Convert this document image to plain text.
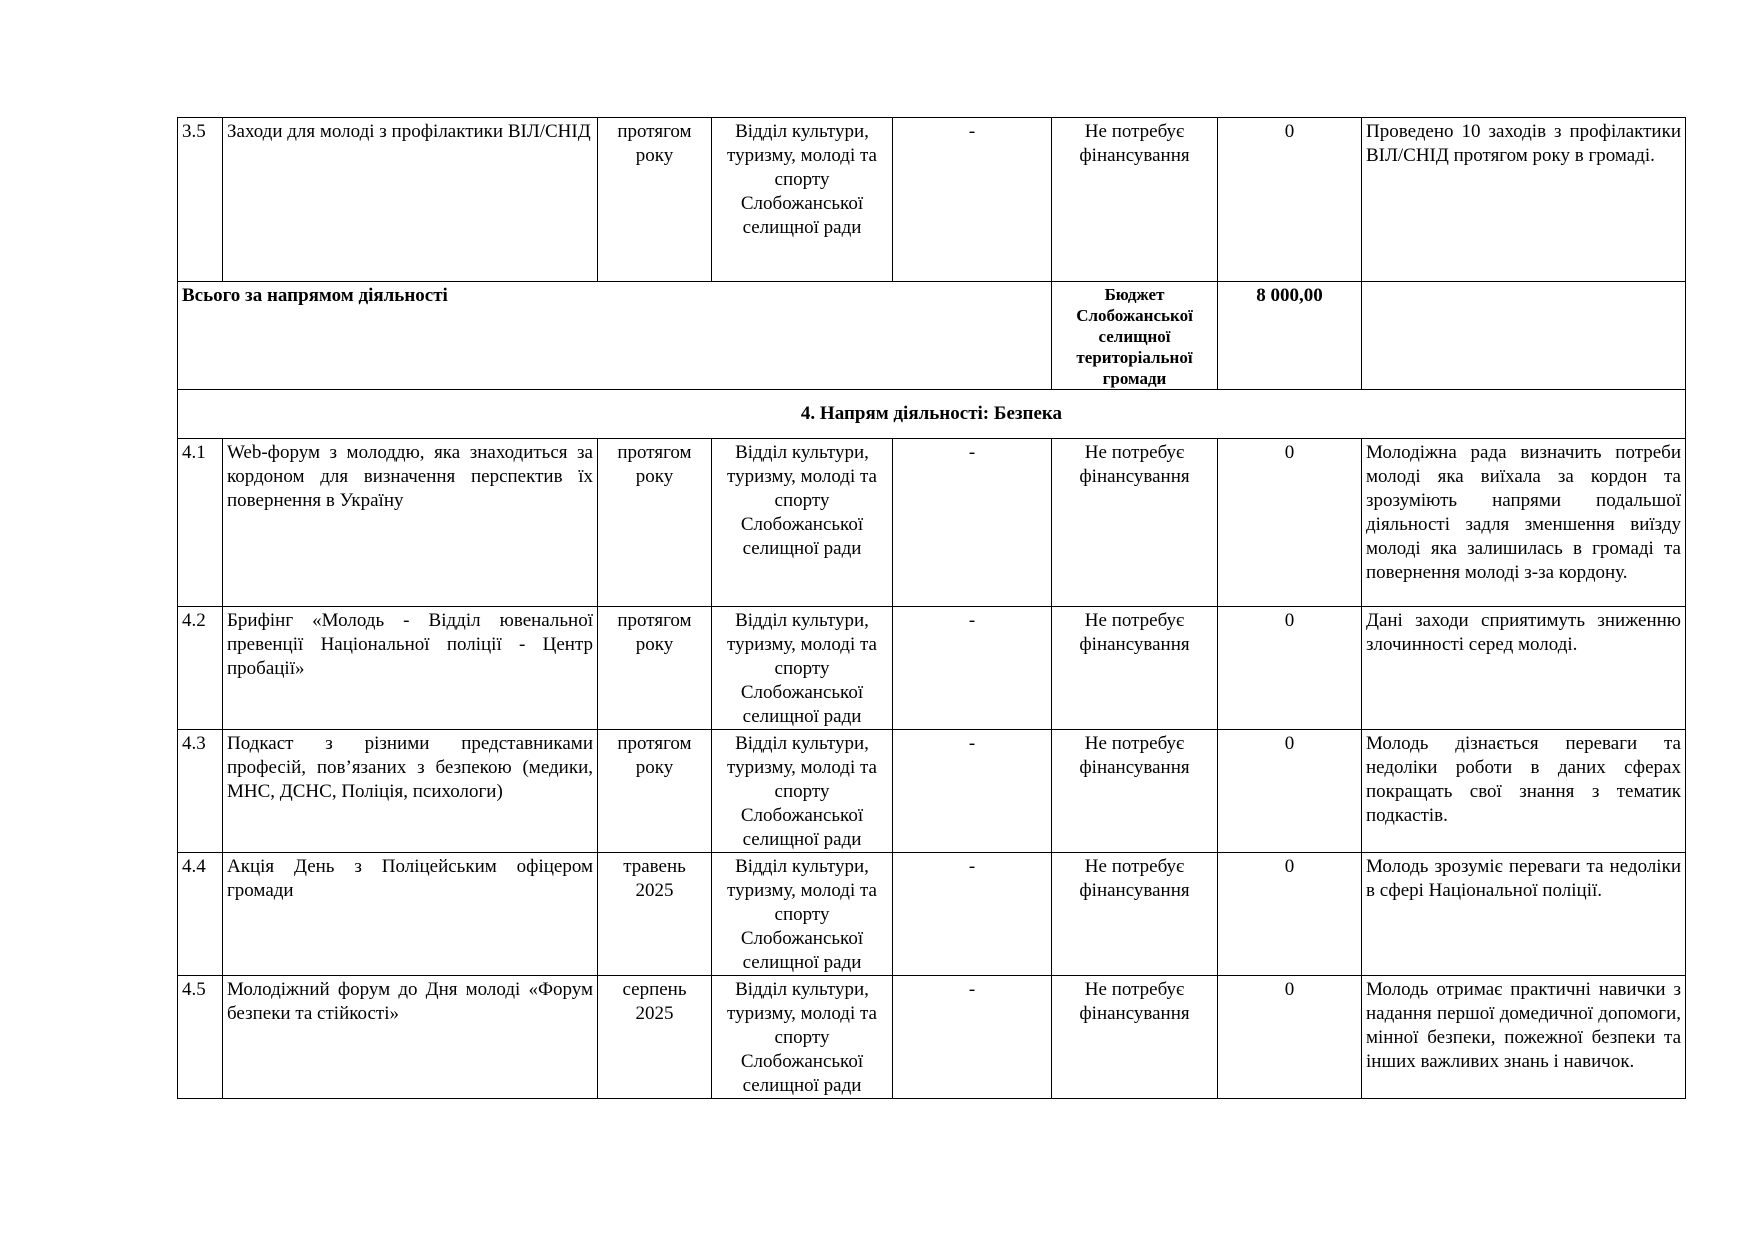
3.5	Заходи для молоді з профілактики ВІЛ/СНІД	протягом року	Відділ культури, туризму, молоді та спорту Слобожанської селищної ради	-	Не потребує фінансування	0	Проведено 10 заходів з профілактики ВІЛ/СНІД протягом року в громаді.
Всього за напрямом діяльності					Бюджет Слобожанської селищної територіальної громади	8 000,00	
4. Напрям діяльності: Безпека							
4.1	Web-форум з молоддю, яка знаходиться за кордоном для визначення перспектив їх повернення в Україну	протягом року	Відділ культури, туризму, молоді та спорту Слобожанської селищної ради	-	Не потребує фінансування	0	Молодіжна рада визначить потреби молоді яка виїхала за кордон та зрозуміють напрями подальшої діяльності задля зменшення виїзду молоді яка залишилась в громаді та повернення молоді з-за кордону.
4.2	Брифінг «Молодь - Відділ ювенальної превенції Національної поліції - Центр пробації»	протягом року	Відділ культури, туризму, молоді та спорту Слобожанської селищної ради	-	Не потребує фінансування	0	Дані заходи сприятимуть зниженню злочинності серед молоді.
4.3	Подкаст з різними представниками професій, пов’язаних з безпекою (медики, МНС, ДСНС, Поліція, психологи)	протягом року	Відділ культури, туризму, молоді та спорту Слобожанської селищної ради	-	Не потребує фінансування	0	Молодь дізнається переваги та недоліки роботи в даних сферах покращать свої знання з тематик подкастів.
4.4	Акція День з Поліцейським офіцером громади	травень 2025	Відділ культури, туризму, молоді та спорту Слобожанської селищної ради	-	Не потребує фінансування	0	Молодь зрозуміє переваги та недоліки в сфері Національної поліції.
4.5	Молодіжний форум до Дня молоді «Форум безпеки та стійкості»	серпень 2025	Відділ культури, туризму, молоді та спорту Слобожанської селищної ради	-	Не потребує фінансування	0	Молодь отримає практичні навички з надання першої домедичної допомоги, мінної безпеки, пожежної безпеки та інших важливих знань і навичок.
